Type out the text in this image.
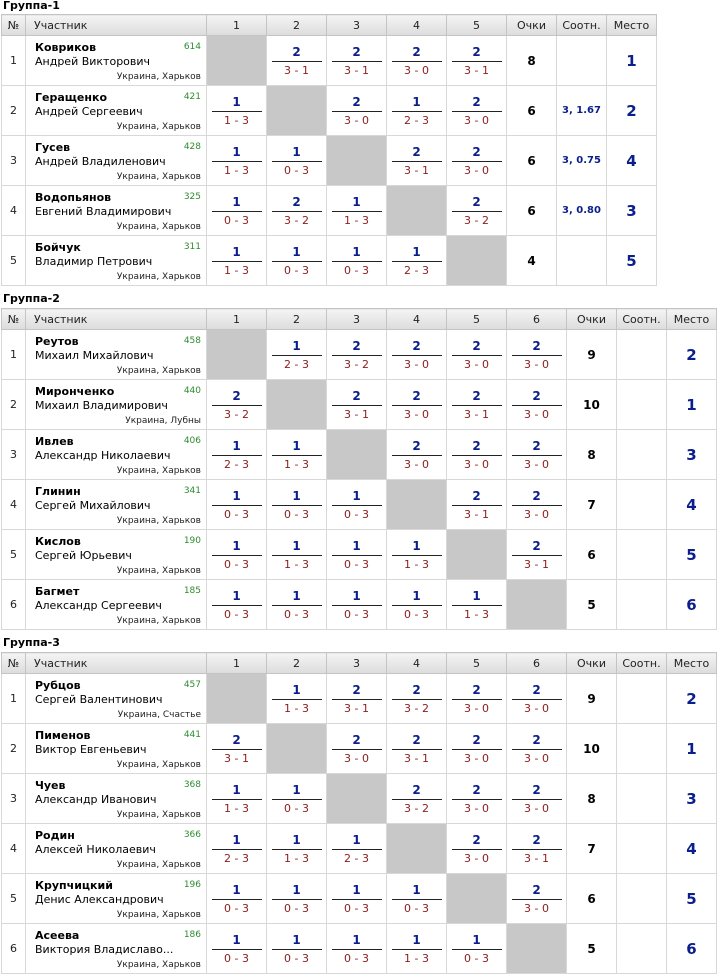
Группа-1
№	Участник	1	2	3	4	5	Очки	Соотн.	Место
1	Ковриков
Андрей Викторович
614
Украина, Харьков		$\frac{2}{3 - 1}$	$\frac{2}{3 - 1}$	$\frac{2}{3 - 0}$	$\frac{2}{3 - 1}$	8		1
2	Геращенко
Андрей Сергеевич
421
Украина, Харьков	$\frac{1}{1 - 3}$		$\frac{2}{3 - 0}$	$\frac{1}{2 - 3}$	$\frac{2}{3 - 0}$	6	3, 1.67	2
3	Гусев
Андрей Владиленович
428
Украина, Харьков	$\frac{1}{1 - 3}$	$\frac{1}{0 - 3}$		$\frac{2}{3 - 1}$	$\frac{2}{3 - 0}$	6	3, 0.75	4
4	Водопьянов
Евгений Владимирович
325
Украина, Харьков	$\frac{1}{0 - 3}$	$\frac{2}{3 - 2}$	$\frac{1}{1 - 3}$		$\frac{2}{3 - 2}$	6	3, 0.80	3
5	Бойчук
Владимир Петрович
311
Украина, Харьков	$\frac{1}{1 - 3}$	$\frac{1}{0 - 3}$	$\frac{1}{0 - 3}$	$\frac{1}{2 - 3}$		4		5
Группа-2
№	Участник	1	2	3	4	5	6	Очки	Соотн.	Место
1	Реутов
Михаил Михайлович
458
Украина, Харьков		$\frac{1}{2 - 3}$	$\frac{2}{3 - 2}$	$\frac{2}{3 - 0}$	$\frac{2}{3 - 0}$	$\frac{2}{3 - 0}$	9		2
2	Миронченко
Михаил Владимирович
440
Украина, Лубны	$\frac{2}{3 - 2}$		$\frac{2}{3 - 1}$	$\frac{2}{3 - 0}$	$\frac{2}{3 - 1}$	$\frac{2}{3 - 0}$	10		1
3	Ивлев
Александр Николаевич
406
Украина, Харьков	$\frac{1}{2 - 3}$	$\frac{1}{1 - 3}$		$\frac{2}{3 - 0}$	$\frac{2}{3 - 0}$	$\frac{2}{3 - 0}$	8		3
4	Глинин
Сергей Михайлович
341
Украина, Харьков	$\frac{1}{0 - 3}$	$\frac{1}{0 - 3}$	$\frac{1}{0 - 3}$		$\frac{2}{3 - 1}$	$\frac{2}{3 - 0}$	7		4
5	Кислов
Сергей Юрьевич
190
Украина, Харьков	$\frac{1}{0 - 3}$	$\frac{1}{1 - 3}$	$\frac{1}{0 - 3}$	$\frac{1}{1 - 3}$		$\frac{2}{3 - 1}$	6		5
6	Багмет
Александр Сергеевич
185
Украина, Харьков	$\frac{1}{0 - 3}$	$\frac{1}{0 - 3}$	$\frac{1}{0 - 3}$	$\frac{1}{0 - 3}$	$\frac{1}{1 - 3}$		5		6
Группа-3
№	Участник	1	2	3	4	5	6	Очки	Соотн.	Место
1	Рубцов
Сергей Валентинович
457
Украина, Счастье		$\frac{1}{1 - 3}$	$\frac{2}{3 - 1}$	$\frac{2}{3 - 2}$	$\frac{2}{3 - 0}$	$\frac{2}{3 - 0}$	9		2
2	Пименов
Виктор Евгеньевич
441
Украина, Харьков	$\frac{2}{3 - 1}$		$\frac{2}{3 - 0}$	$\frac{2}{3 - 1}$	$\frac{2}{3 - 0}$	$\frac{2}{3 - 0}$	10		1
3	Чуев
Александр Иванович
368
Украина, Харьков	$\frac{1}{1 - 3}$	$\frac{1}{0 - 3}$		$\frac{2}{3 - 2}$	$\frac{2}{3 - 0}$	$\frac{2}{3 - 0}$	8		3
4	Родин
Алексей Николаевич
366
Украина, Харьков	$\frac{1}{2 - 3}$	$\frac{1}{1 - 3}$	$\frac{1}{2 - 3}$		$\frac{2}{3 - 0}$	$\frac{2}{3 - 1}$	7		4
5	Крупчицкий
Денис Александрович
196
Украина, Харьков	$\frac{1}{0 - 3}$	$\frac{1}{0 - 3}$	$\frac{1}{0 - 3}$	$\frac{1}{0 - 3}$		$\frac{2}{3 - 0}$	6		5
6	Асеева
Виктория Владиславо...
186
Украина, Харьков	$\frac{1}{0 - 3}$	$\frac{1}{0 - 3}$	$\frac{1}{0 - 3}$	$\frac{1}{1 - 3}$	$\frac{1}{0 - 3}$		5		6
